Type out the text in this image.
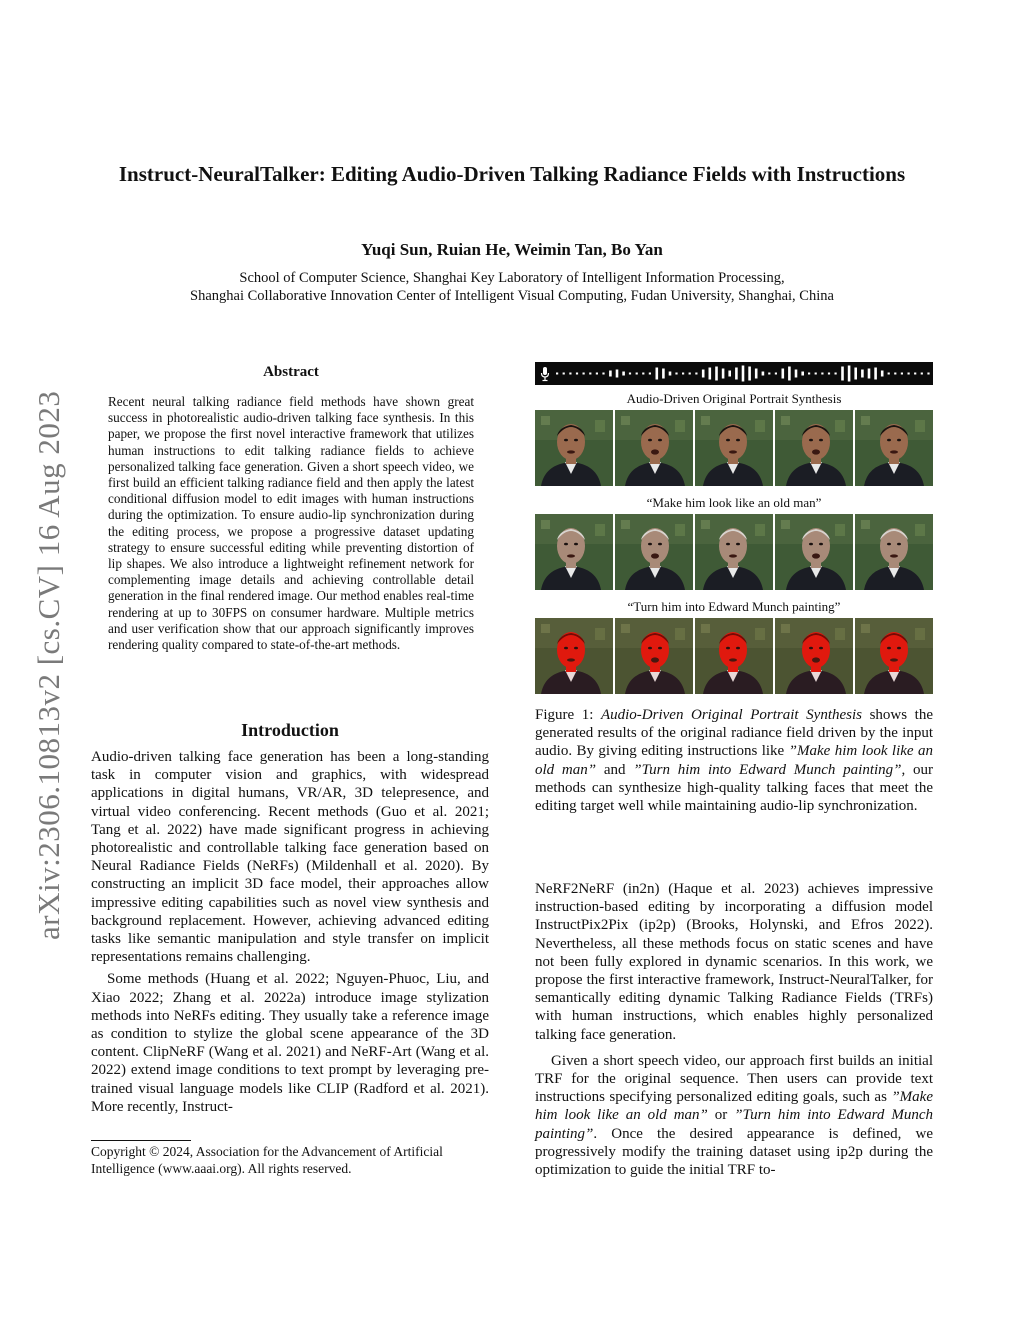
arXiv:2306.10813v2 [cs.CV] 16 Aug 2023
Instruct-NeuralTalker: Editing Audio-Driven Talking Radiance Fields with Instructions
Yuqi Sun, Ruian He, Weimin Tan, Bo Yan
School of Computer Science, Shanghai Key Laboratory of Intelligent Information Processing,
Shanghai Collaborative Innovation Center of Intelligent Visual Computing, Fudan University, Shanghai, China
Abstract

Recent neural talking radiance field methods have shown great success in photorealistic audio-driven talking face synthesis. In this paper, we propose the first novel interactive framework that utilizes human instructions to edit talking radiance fields to achieve personalized talking face generation. Given a short speech video, we first build an efficient talking radiance field and then apply the latest conditional diffusion model to edit images with human instructions during the optimization. To ensure audio-lip synchronization during the editing process, we propose a progressive dataset updating strategy to ensure successful editing while preventing distortion of lip shapes. We also introduce a lightweight refinement network for complementing image details and achieving controllable detail generation in the final rendered image. Our method enables real-time rendering at up to 30FPS on consumer hardware. Multiple metrics and user verification show that our approach significantly improves rendering quality compared to state-of-the-art methods.

Introduction

Audio-driven talking face generation has been a long-standing task in computer vision and graphics, with widespread applications in digital humans, VR/AR, 3D telepresence, and virtual video conferencing. Recent methods (Guo et al. 2021; Tang et al. 2022) have made significant progress in achieving photorealistic and controllable talking face generation based on Neural Radiance Fields (NeRFs) (Mildenhall et al. 2020). By constructing an implicit 3D face model, their approaches allow impressive editing capabilities such as novel view synthesis and background replacement. However, achieving advanced editing tasks like semantic manipulation and style transfer on implicit representations remains challenging.

Some methods (Huang et al. 2022; Nguyen-Phuoc, Liu, and Xiao 2022; Zhang et al. 2022a) introduce image stylization methods into NeRFs editing. They usually take a reference image as condition to stylize the global scene appearance of the 3D content. ClipNeRF (Wang et al. 2021) and NeRF-Art (Wang et al. 2022) extend image conditions to text prompt by leveraging pre-trained visual language models like CLIP (Radford et al. 2021). More recently, Instruct-

Copyright © 2024, Association for the Advancement of Artificial Intelligence (www.aaai.org). All rights reserved.

Audio-Driven Original Portrait Synthesis
“Make him look like an old man”
“Turn him into Edward Munch painting”

Figure 1: Audio-Driven Original Portrait Synthesis shows the generated results of the original radiance field driven by the input audio. By giving editing instructions like ”Make him look like an old man” and ”Turn him into Edward Munch painting”, our methods can synthesize high-quality talking faces that meet the editing target well while maintaining audio-lip synchronization.

NeRF2NeRF (in2n) (Haque et al. 2023) achieves impressive instruction-based editing by incorporating a diffusion model InstructPix2Pix (ip2p) (Brooks, Holynski, and Efros 2022). Nevertheless, all these methods focus on static scenes and have not been fully explored in dynamic scenarios. In this work, we propose the first interactive framework, Instruct-NeuralTalker, for semantically editing dynamic Talking Radiance Fields (TRFs) with human instructions, which enables highly personalized talking face generation.

Given a short speech video, our approach first builds an initial TRF for the original sequence. Then users can provide text instructions specifying personalized editing goals, such as ”Make him look like an old man” or ”Turn him into Edward Munch painting”. Once the desired appearance is defined, we progressively modify the training dataset using ip2p during the optimization to guide the initial TRF to-
